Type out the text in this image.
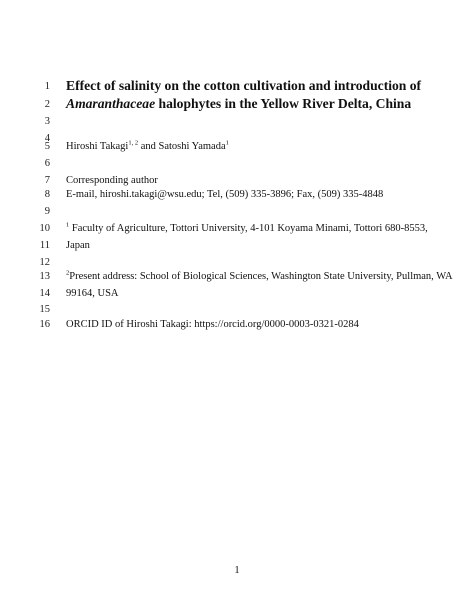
1 Effect of salinity on the cotton cultivation and introduction of
2 Amaranthaceae halophytes in the Yellow River Delta, China
3
4
5 Hiroshi Takagi$^{1, 2}$ and Satoshi Yamada$^1$
6
7 Corresponding author
8 E-mail, hiroshi.takagi@wsu.edu; Tel, (509) 335-3896; Fax, (509) 335-4848
9
10 $^1$ Faculty of Agriculture, Tottori University, 4-101 Koyama Minami, Tottori 680-8553,
11 Japan
12
13 $^2$Present address: School of Biological Sciences, Washington State University, Pullman, WA
14 99164, USA
15
16 ORCID ID of Hiroshi Takagi: https://orcid.org/0000-0003-0321-0284
1
